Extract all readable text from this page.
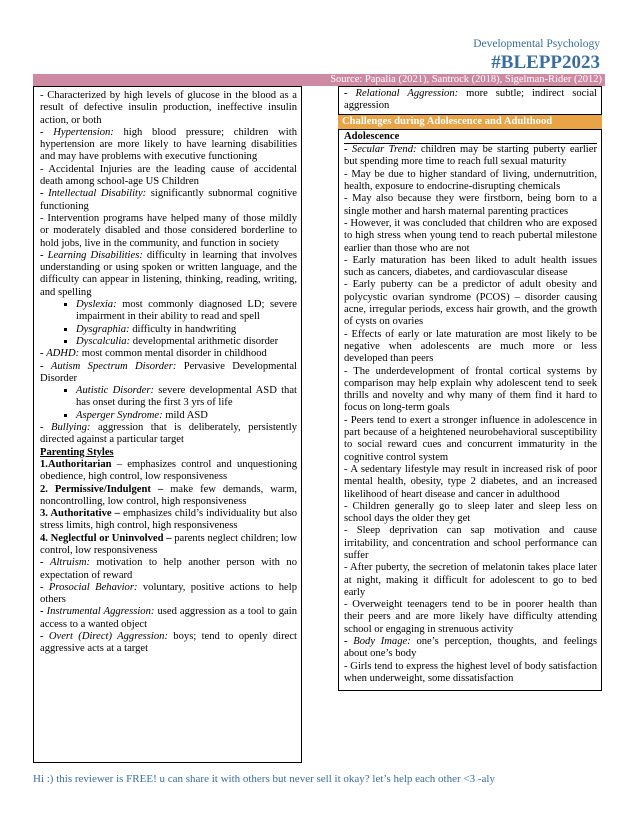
Developmental Psychology
#BLEPP2023
Source: Papalia (2021), Santrock (2018), Sigelman-Rider (2012)

- Characterized by high levels of glucose in the blood as a result of defective insulin production, ineffective insulin action, or both

- Hypertension: high blood pressure; children with hypertension are more likely to have learning disabilities and may have problems with executive functioning

- Accidental Injuries are the leading cause of accidental death among school-age US Children

- Intellectual Disability: significantly subnormal cognitive functioning

- Intervention programs have helped many of those mildly or moderately disabled and those considered borderline to hold jobs, live in the community, and function in society

- Learning Disabilities: difficulty in learning that involves understanding or using spoken or written language, and the difficulty can appear in listening, thinking, reading, writing, and spelling

▪ Dyslexia: most commonly diagnosed LD; severe impairment in their ability to read and spell
▪ Dysgraphia: difficulty in handwriting
▪ Dyscalculia: developmental arithmetic disorder

- ADHD: most common mental disorder in childhood

- Autism Spectrum Disorder: Pervasive Developmental Disorder

▪ Autistic Disorder: severe developmental ASD that has onset during the first 3 yrs of life
▪ Asperger Syndrome: mild ASD

- Bullying: aggression that is deliberately, persistently directed against a particular target

Parenting Styles

1.Authoritarian – emphasizes control and unquestioning obedience, high control, low responsiveness

2. Permissive/Indulgent – make few demands, warm, noncontrolling, low control, high responsiveness

3. Authoritative – emphasizes child’s individuality but also stress limits, high control, high responsiveness

4. Neglectful or Uninvolved – parents neglect children; low control, low responsiveness

- Altruism: motivation to help another person with no expectation of reward

- Prosocial Behavior: voluntary, positive actions to help others

- Instrumental Aggression: used aggression as a tool to gain access to a wanted object

- Overt (Direct) Aggression: boys; tend to openly direct aggressive acts at a target

- Relational Aggression: more subtle; indirect social aggression
Challenges during Adolescence and Adulthood
Adolescence

- Secular Trend: children may be starting puberty earlier but spending more time to reach full sexual maturity

- May be due to higher standard of living, undernutrition, health, exposure to endocrine-disrupting chemicals

- May also because they were firstborn, being born to a single mother and harsh maternal parenting practices

- However, it was concluded that children who are exposed to high stress when young tend to reach pubertal milestone earlier than those who are not

- Early maturation has been liked to adult health issues such as cancers, diabetes, and cardiovascular disease

- Early puberty can be a predictor of adult obesity and polycystic ovarian syndrome (PCOS) – disorder causing acne, irregular periods, excess hair growth, and the growth of cysts on ovaries

- Effects of early or late maturation are most likely to be negative when adolescents are much more or less developed than peers

- The underdevelopment of frontal cortical systems by comparison may help explain why adolescent tend to seek thrills and novelty and why many of them find it hard to focus on long-term goals

- Peers tend to exert a stronger influence in adolescence in part because of a heightened neurobehavioral susceptibility to social reward cues and concurrent immaturity in the cognitive control system

- A sedentary lifestyle may result in increased risk of poor mental health, obesity, type 2 diabetes, and an increased likelihood of heart disease and cancer in adulthood

- Children generally go to sleep later and sleep less on school days the older they get

- Sleep deprivation can sap motivation and cause irritability, and concentration and school performance can suffer

- After puberty, the secretion of melatonin takes place later at night, making it difficult for adolescent to go to bed early

- Overweight teenagers tend to be in poorer health than their peers and are more likely have difficulty attending school or engaging in strenuous activity

- Body Image: one’s perception, thoughts, and feelings about one’s body

- Girls tend to express the highest level of body satisfaction when underweight, some dissatisfaction

Hi :) this reviewer is FREE! u can share it with others but never sell it okay? let’s help each other <3 -aly
